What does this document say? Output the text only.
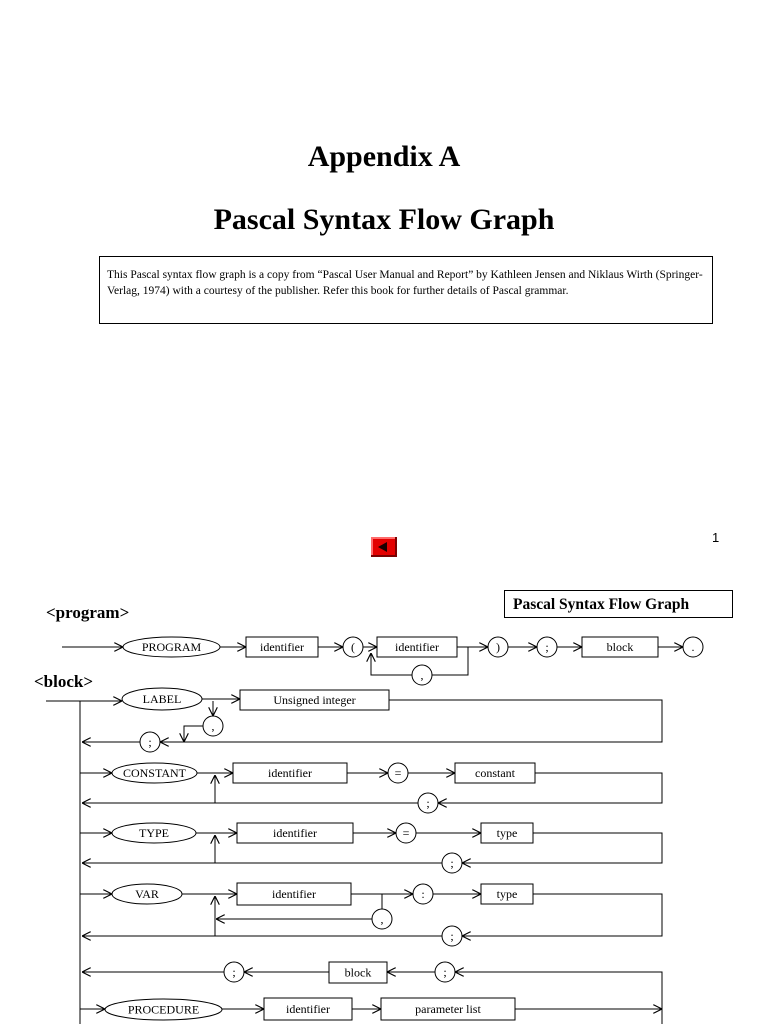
Appendix A
Pascal Syntax Flow Graph
This Pascal syntax flow graph is a copy from “Pascal User Manual and Report” by Kathleen Jensen and Niklaus Wirth (Springer-Verlag, 1974) with a courtesy of the publisher. Refer this book for further details of Pascal grammar.
1
Pascal Syntax Flow Graph
<program>
<block>
PROGRAM	identifier	(	identifier	)	;	block	.
,
LABEL	Unsigned integer
,
;
CONSTANT	identifier	=	constant
;
TYPE	identifier	=	type
;
VAR	identifier	:	type
,
;
;
block
;
PROCEDURE	identifier	parameter list
